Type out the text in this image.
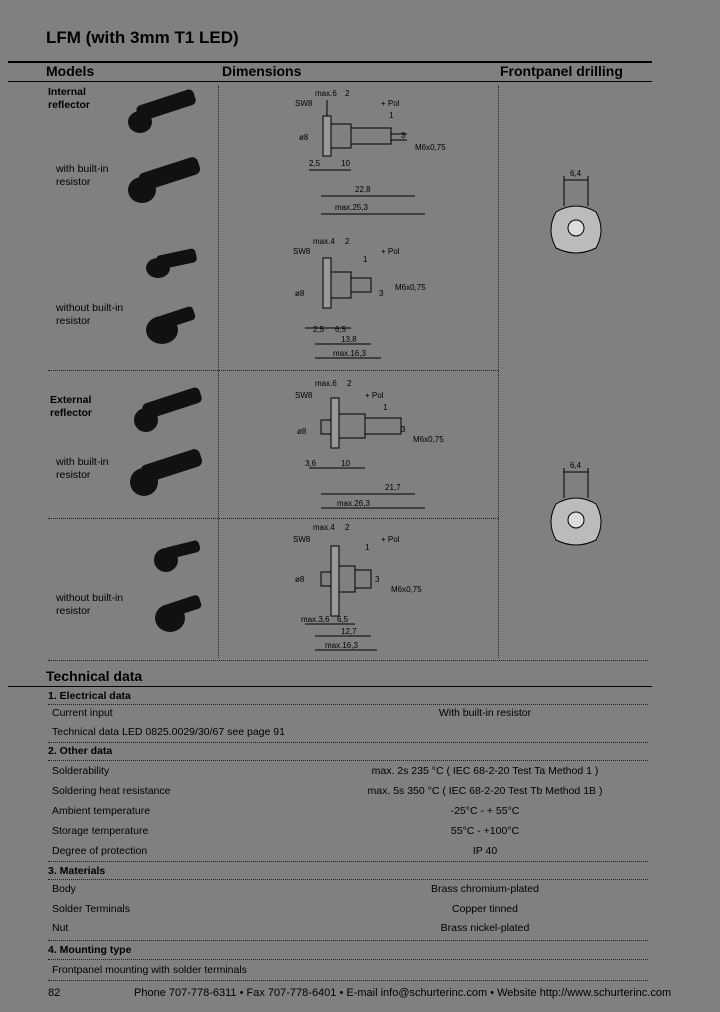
LFM (with 3mm T1 LED)
Models	Dimensions	Frontpanel drilling
Internal
reflector
with built-in
resistor
without built-in
resistor
External
reflector
with built-in
resistor
without built-in
resistor
max.6 2
SW8	+ Pol
1
3
ø8
M6x0,75
2,5	10
22,8
max.25,3
max.4 2
SW8	+ Pol
1
3
ø8
M6x0,75
2,5 6,5
13,8
max.16,3
max.6 2
SW8	+ Pol
1
3
ø8
M6x0,75
3,6	10
21,7
max.26,3
max.4 2
SW8	+ Pol
1
3
ø8
M6x0,75
max.3,6 6,5
12,7
max.16,3
6,4
6,4
Technical data
1. Electrical data
Current input	With built-in resistor
Technical data LED 0825.0029/30/67 see page 91
2. Other data
Solderability	max. 2s 235 °C ( IEC 68-2-20 Test Ta Method 1 )
Soldering heat resistance	max. 5s 350 °C ( IEC 68-2-20 Test Tb Method 1B )
Ambient temperature	-25°C - + 55°C
Storage temperature	55°C - +100°C
Degree of protection	IP 40
3. Materials
Body	Brass chromium-plated
Solder Terminals	Copper tinned
Nut	Brass nickel-plated
4. Mounting type
Frontpanel mounting with solder terminals
82	Phone 707-778-6311 • Fax 707-778-6401 • E-mail info@schurterinc.com • Website http://www.schurterinc.com
